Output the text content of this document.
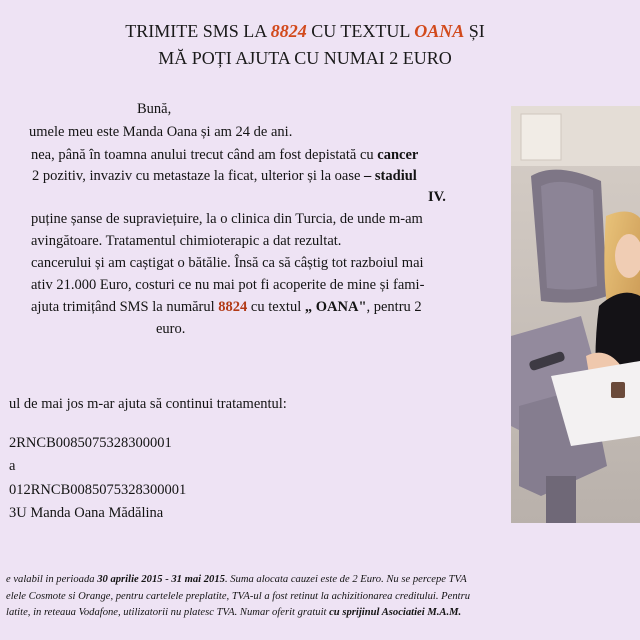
TRIMITE SMS LA 8824 CU TEXTUL OANA ȘI
MĂ POȚI AJUTA CU NUMAI 2 EURO
Bună,
umele meu este Manda Oana și am 24 de ani.
nea, până în toamna anului trecut când am fost depistată cu cancer
2 pozitiv, invaziv cu metastaze la ficat, ulterior și la oase – stadiul
IV.
puține șanse de supraviețuire, la o clinica din Turcia, de unde m-am
avingătoare. Tratamentul chimioterapic a dat rezultat.
cancerului și am caștigat o bătălie. Însă ca să câștig tot razboiul mai
ativ 21.000 Euro, costuri ce nu mai pot fi acoperite de mine și fami-
ajuta trimițând SMS la numărul 8824 cu textul „ OANA", pentru 2
euro.
ul de mai jos m-ar ajuta să continui tratamentul:
2RNCB0085075328300001
a
012RNCB0085075328300001
3U Manda Oana Mădălina
e valabil in perioada 30 aprilie 2015 - 31 mai 2015. Suma alocata cauzei este de 2 Euro. Nu se percepe TVA
elele Cosmote si Orange, pentru cartelele preplatite, TVA-ul a fost retinut la achizitionarea creditului. Pentru
latite, in reteaua Vodafone, utilizatorii nu platesc TVA. Numar oferit gratuit cu sprijinul Asociatiei M.A.M.
